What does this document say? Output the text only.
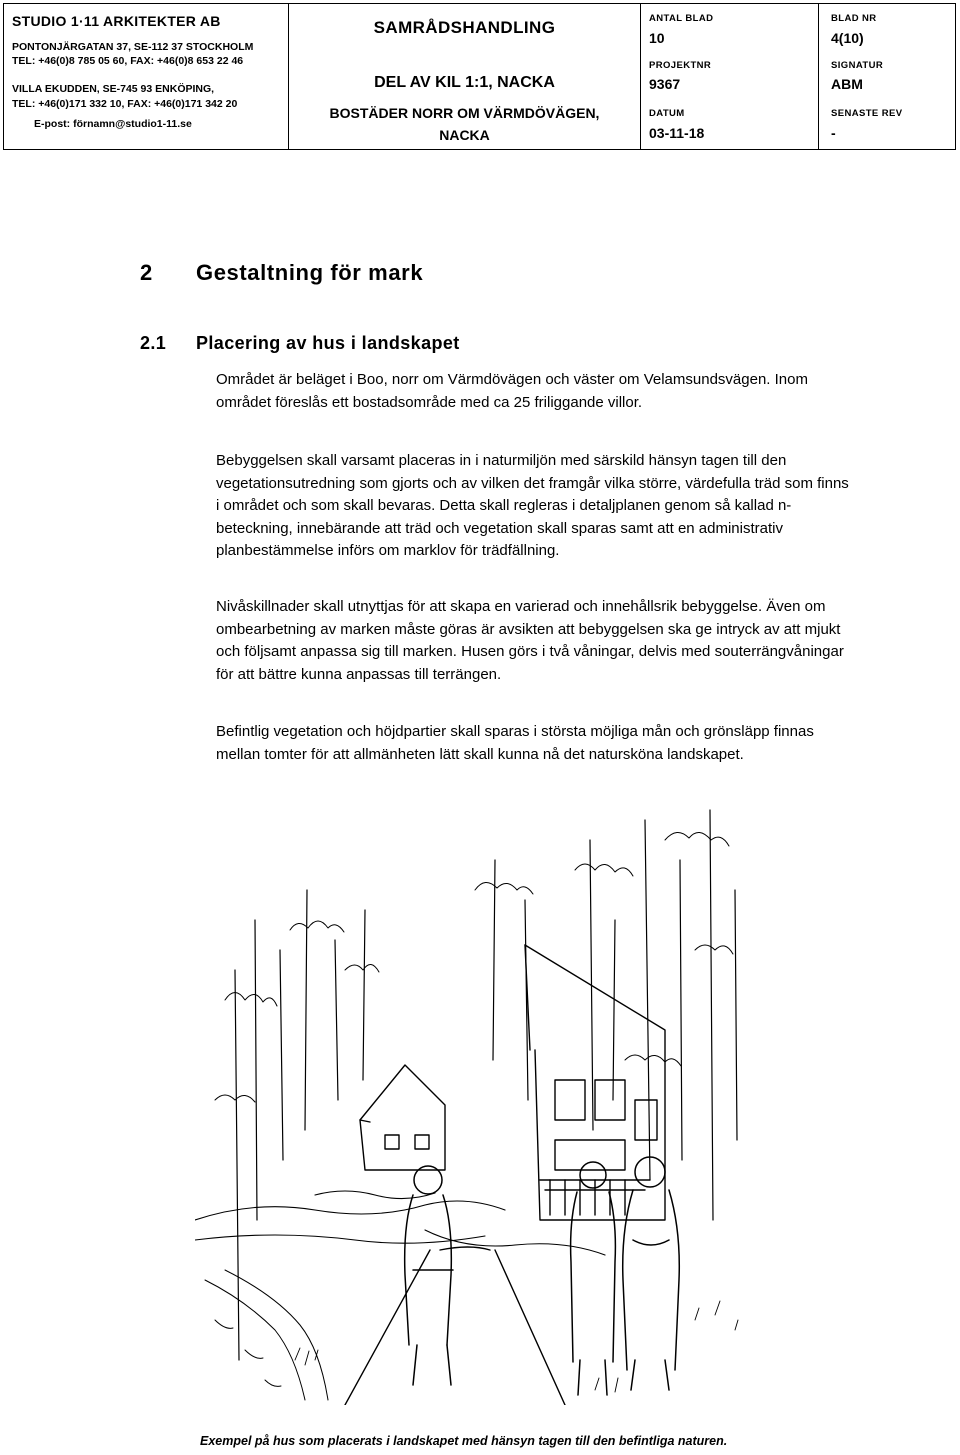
STUDIO 1·11 ARKITEKTER AB
PONTONJÄRGATAN 37, SE-112 37 STOCKHOLM
TEL: +46(0)8 785 05 60, FAX: +46(0)8 653 22 46
VILLA EKUDDEN, SE-745 93 ENKÖPING,
TEL: +46(0)171 332 10, FAX: +46(0)171 342 20
E-post: förnamn@studio1-11.se
SAMRÅDSHANDLING
DEL AV KIL 1:1, NACKA
BOSTÄDER NORR OM VÄRMDÖVÄGEN, NACKA
ANTAL BLAD
10
PROJEKTNR
9367
DATUM
03-11-18
BLAD NR
4(10)
SIGNATUR
ABM
SENASTE REV
-
2 Gestaltning för mark
2.1 Placering av hus i landskapet

Området är beläget i Boo, norr om Värmdövägen och väster om Velamsundsvägen. Inom området föreslås ett bostadsområde med ca 25 friliggande villor.

Bebyggelsen skall varsamt placeras in i naturmiljön med särskild hänsyn tagen till den vegetationsutredning som gjorts och av vilken det framgår vilka större, värdefulla träd som finns i området och som skall bevaras. Detta skall regleras i detaljplanen genom så kallad n-beteckning, innebärande att träd och vegetation skall sparas samt att en administrativ planbestämmelse införs om marklov för trädfällning.

Nivåskillnader skall utnyttjas för att skapa en varierad och innehållsrik bebyggelse. Även om ombearbetning av marken måste göras är avsikten att bebyggelsen ska ge intryck av att mjukt och följsamt anpassa sig till marken. Husen görs i två våningar, delvis med souterrängvåningar för att bättre kunna anpassas till terrängen.

Befintlig vegetation och höjdpartier skall sparas i största möjliga mån och grönsläpp finnas mellan tomter för att allmänheten lätt skall kunna nå det natursköna landskapet.

Exempel på hus som placerats i landskapet med hänsyn tagen till den befintliga naturen.
